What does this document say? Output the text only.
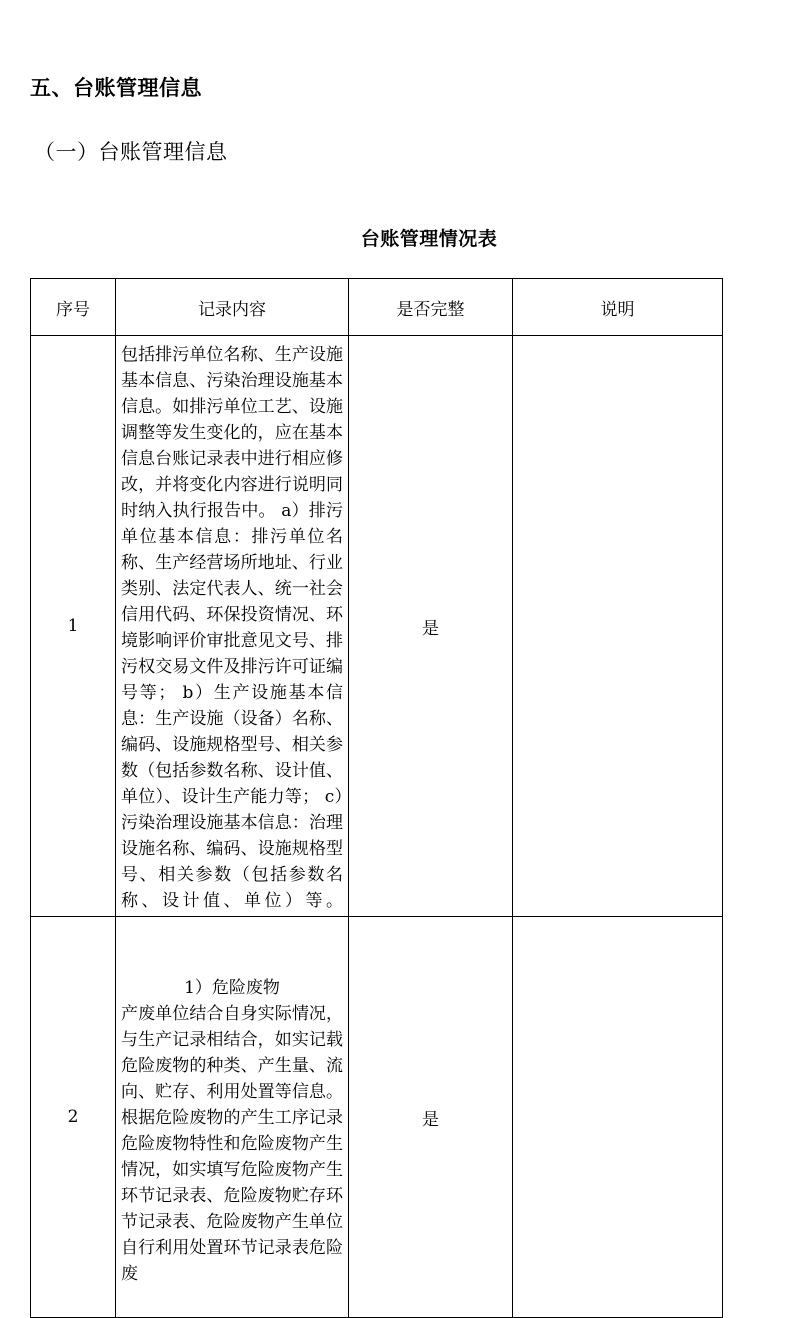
五、台账管理信息
（一）台账管理信息
台账管理情况表
序号	记录内容	是否完整	说明
1	包括排污单位名称、生产设施基本信息、污染治理设施基本信息。如排污单位工艺、设施调整等发生变化的，应在基本信息台账记录表中进行相应修改，并将变化内容进行说明同时纳入执行报告中。 a）排污单位基本信息：排污单位名称、生产经营场所地址、行业类别、法定代表人、统一社会信用代码、环保投资情况、环境影响评价审批意见文号、排污权交易文件及排污许可证编号等； b）生产设施基本信息：生产设施（设备）名称、编码、设施规格型号、相关参数（包括参数名称、设计值、单位）、设计生产能力等； c）污染治理设施基本信息：治理设施名称、编码、设施规格型号、相关参数（包括参数名称、设计值、单位）等。	是	
2	1）危险废物
产废单位结合自身实际情况，与生产记录相结合，如实记载危险废物的种类、产生量、流向、贮存、利用处置等信息。根据危险废物的产生工序记录危险废物特性和危险废物产生情况，如实填写危险废物产生环节记录表、危险废物贮存环节记录表、危险废物产生单位自行利用处置环节记录表危险废	是	
